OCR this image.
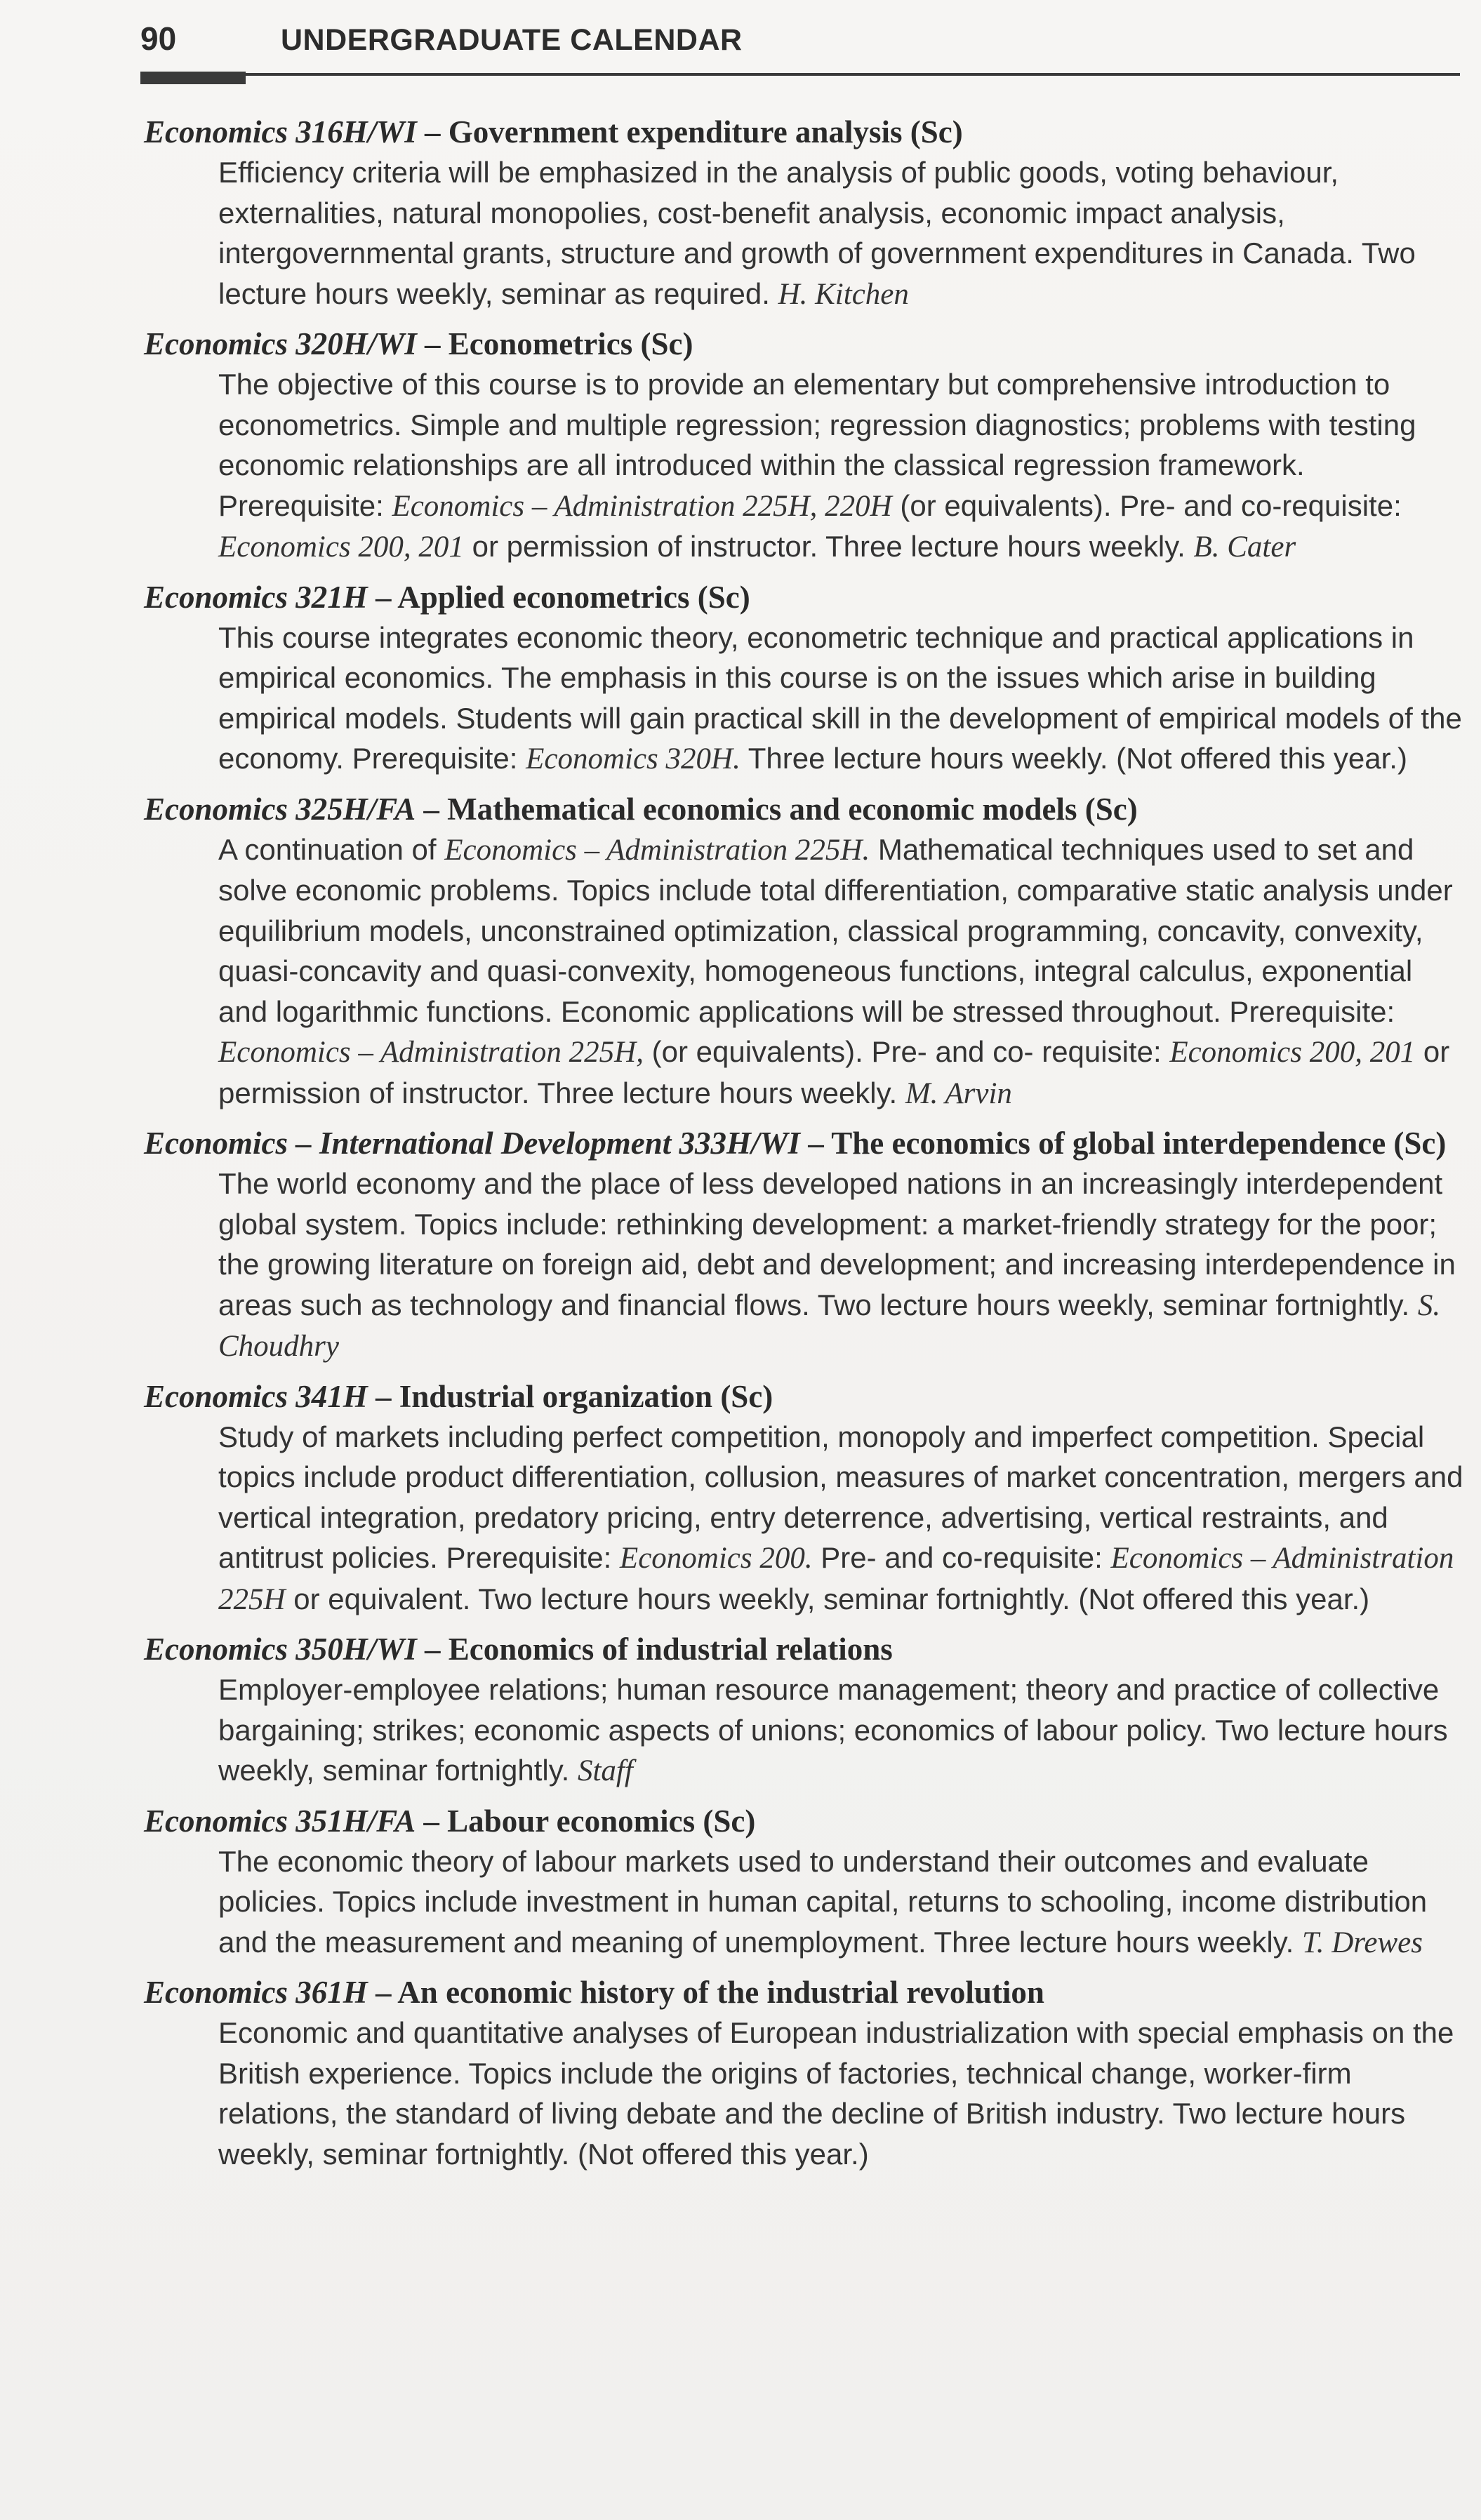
90	UNDERGRADUATE CALENDAR
Economics 316H/WI – Government expenditure analysis (Sc)
Efficiency criteria will be emphasized in the analysis of public goods, voting behaviour, externalities, natural monopolies, cost-benefit analysis, economic impact analysis, intergovernmental grants, structure and growth of government expenditures in Canada. Two lecture hours weekly, seminar as required. H. Kitchen
Economics 320H/WI – Econometrics (Sc)
The objective of this course is to provide an elementary but comprehensive introduction to econometrics. Simple and multiple regression; regression diagnostics; problems with testing economic relationships are all introduced within the classical regression framework. Prerequisite: Economics – Administration 225H, 220H (or equivalents). Pre- and co-requisite: Economics 200, 201 or permission of instructor. Three lecture hours weekly. B. Cater
Economics 321H – Applied econometrics (Sc)
This course integrates economic theory, econometric technique and practical applications in empirical economics. The emphasis in this course is on the issues which arise in building empirical models. Students will gain practical skill in the development of empirical models of the economy. Prerequisite: Economics 320H. Three lecture hours weekly. (Not offered this year.)
Economics 325H/FA – Mathematical economics and economic models (Sc)
A continuation of Economics – Administration 225H. Mathematical techniques used to set and solve economic problems. Topics include total differentiation, comparative static analysis under equilibrium models, unconstrained optimization, classical programming, concavity, convexity, quasi-concavity and quasi-convexity, homogeneous functions, integral calculus, exponential and logarithmic functions. Economic applications will be stressed throughout. Prerequisite: Economics – Administration 225H, (or equivalents). Pre- and co- requisite: Economics 200, 201 or permission of instructor. Three lecture hours weekly. M. Arvin
Economics – International Development 333H/WI – The economics of global interdependence (Sc)
The world economy and the place of less developed nations in an increasingly interdependent global system. Topics include: rethinking development: a market-friendly strategy for the poor; the growing literature on foreign aid, debt and development; and increasing interdependence in areas such as technology and financial flows. Two lecture hours weekly, seminar fortnightly. S. Choudhry
Economics 341H – Industrial organization (Sc)
Study of markets including perfect competition, monopoly and imperfect competition. Special topics include product differentiation, collusion, measures of market concentration, mergers and vertical integration, predatory pricing, entry deterrence, advertising, vertical restraints, and antitrust policies. Prerequisite: Economics 200. Pre- and co-requisite: Economics – Administration 225H or equivalent. Two lecture hours weekly, seminar fortnightly. (Not offered this year.)
Economics 350H/WI – Economics of industrial relations
Employer-employee relations; human resource management; theory and practice of collective bargaining; strikes; economic aspects of unions; economics of labour policy. Two lecture hours weekly, seminar fortnightly. Staff
Economics 351H/FA – Labour economics (Sc)
The economic theory of labour markets used to understand their outcomes and evaluate policies. Topics include investment in human capital, returns to schooling, income distribution and the measurement and meaning of unemployment. Three lecture hours weekly. T. Drewes
Economics 361H – An economic history of the industrial revolution
Economic and quantitative analyses of European industrialization with special emphasis on the British experience. Topics include the origins of factories, technical change, worker-firm relations, the standard of living debate and the decline of British industry. Two lecture hours weekly, seminar fortnightly. (Not offered this year.)
